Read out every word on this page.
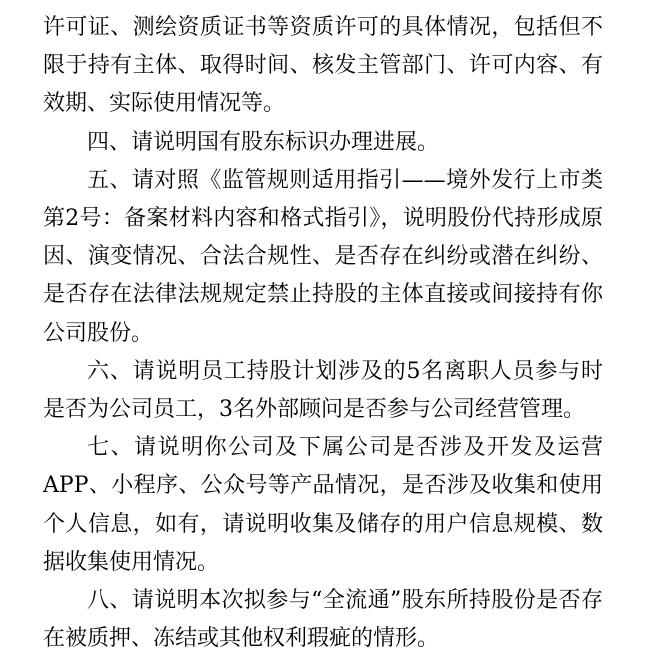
许可证、测绘资质证书等资质许可的具体情况，包括但不限于持有主体、取得时间、核发主管部门、许可内容、有效期、实际使用情况等。

四、请说明国有股东标识办理进展。

五、请对照《监管规则适用指引——境外发行上市类第2号：备案材料内容和格式指引》，说明股份代持形成原因、演变情况、合法合规性、是否存在纠纷或潜在纠纷、是否存在法律法规规定禁止持股的主体直接或间接持有你公司股份。

六、请说明员工持股计划涉及的5名离职人员参与时是否为公司员工，3名外部顾问是否参与公司经营管理。

七、请说明你公司及下属公司是否涉及开发及运营APP、小程序、公众号等产品情况，是否涉及收集和使用个人信息，如有，请说明收集及储存的用户信息规模、数据收集使用情况。

八、请说明本次拟参与“全流通”股东所持股份是否存在被质押、冻结或其他权利瑕疵的情形。
